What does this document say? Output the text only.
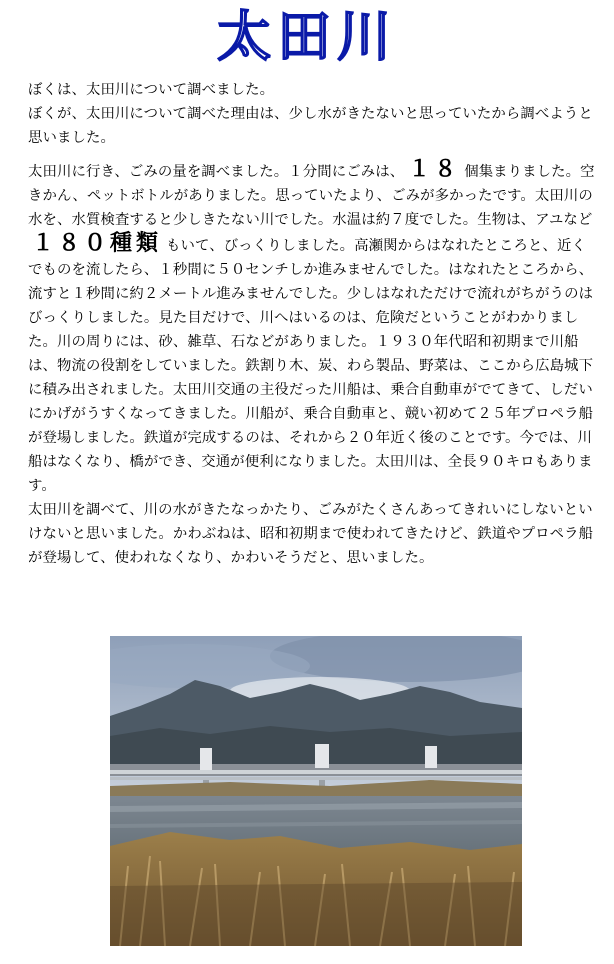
太田川

ぼくは、太田川について調べました。

ぼくが、太田川について調べた理由は、少し水がきたないと思っていたから調べようと思いました。

太田川に行き、ごみの量を調べました。１分間にごみは、 １８ 個集まりました。空きかん、ペットボトルがありました。思っていたより、ごみが多かったです。太田川の水を、水質検査すると少しきたない川でした。水温は約７度でした。生物は、アユなど１８０種類 もいて、びっくりしました。高瀬関からはなれたところと、近くでものを流したら、１秒間に５０センチしか進みませんでした。はなれたところから、流すと１秒間に約２メートル進みませんでした。少しはなれただけで流れがちがうのはびっくりしました。見た目だけで、川へはいるのは、危険だということがわかりました。川の周りには、砂、雑草、石などがありました。１９３０年代昭和初期まで川船は、物流の役割をしていました。鉄割り木、炭、わら製品、野菜は、ここから広島城下に積み出されました。太田川交通の主役だった川船は、乗合自動車がでてきて、しだいにかげがうすくなってきました。川船が、乗合自動車と、競い初めて２５年プロペラ船が登場しました。鉄道が完成するのは、それから２０年近く後のことです。今では、川船はなくなり、橋ができ、交通が便利になりました。太田川は、全長９０キロもあります。

太田川を調べて、川の水がきたなっかたり、ごみがたくさんあってきれいにしないといけないと思いました。かわぶねは、昭和初期まで使われてきたけど、鉄道やプロペラ船が登場して、使われなくなり、かわいそうだと、思いました。
